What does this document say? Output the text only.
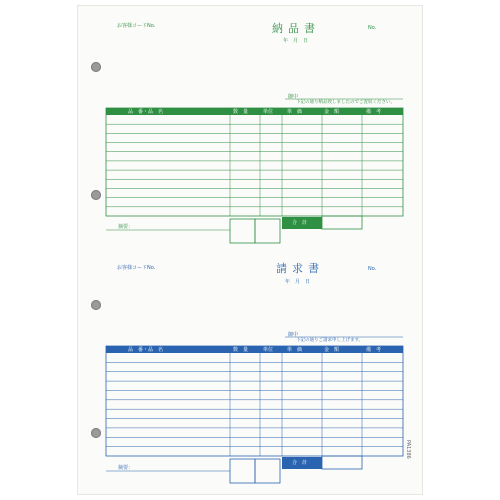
お客様コードNo.	納品書	No.
年　月　日
御中
下記の通り納品致しましたのでご査収ください。
品　番・品　名	数　量	単位	単　価	金　額	備　考
摘要：
合　計
お客様コードNo.	請求書	No.
年　月　日
御中
下記の通りご請求申し上げます。
品　番・品　名	数　量	単位	単　価	金　額	備　考
摘要：
合　計
PA1386
